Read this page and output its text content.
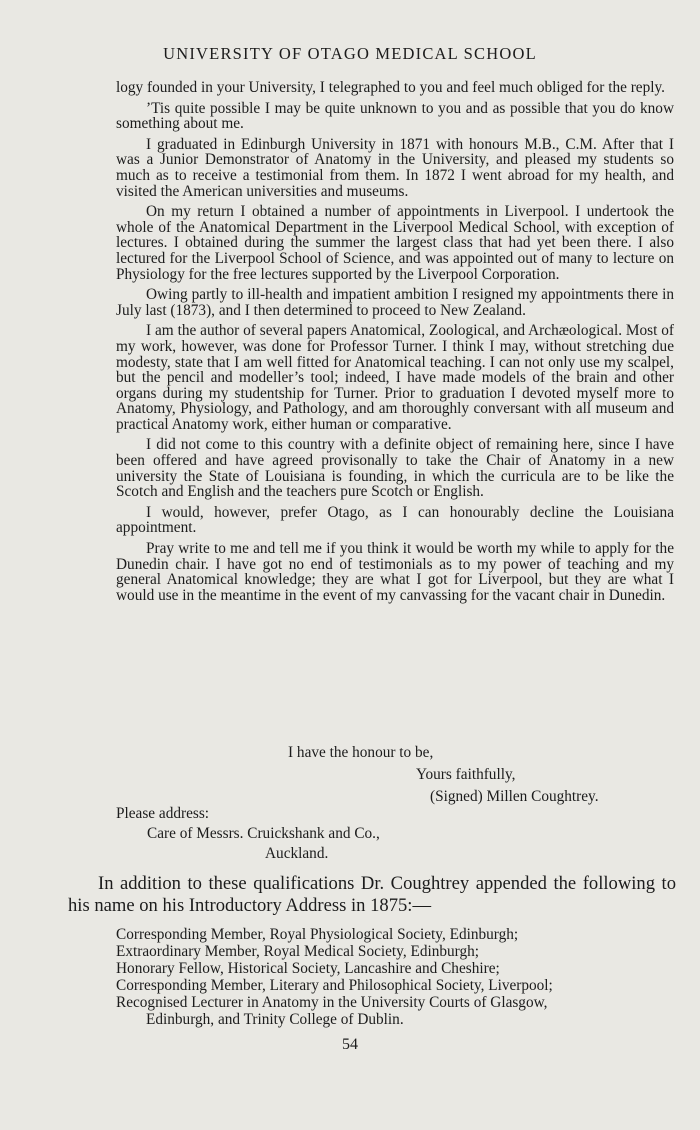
UNIVERSITY OF OTAGO MEDICAL SCHOOL

logy founded in your University, I telegraphed to you and feel much obliged for the reply.

’Tis quite possible I may be quite unknown to you and as possible that you do know something about me.

I graduated in Edinburgh University in 1871 with honours M.B., C.M. After that I was a Junior Demonstrator of Anatomy in the University, and pleased my students so much as to receive a testimonial from them. In 1872 I went abroad for my health, and visited the American universities and museums.

On my return I obtained a number of appointments in Liverpool. I undertook the whole of the Anatomical Department in the Liverpool Medical School, with exception of lectures. I obtained during the summer the largest class that had yet been there. I also lectured for the Liverpool School of Science, and was appointed out of many to lecture on Physiology for the free lectures supported by the Liverpool Corporation.

Owing partly to ill-health and impatient ambition I resigned my appointments there in July last (1873), and I then determined to proceed to New Zealand.

I am the author of several papers Anatomical, Zoological, and Archæological. Most of my work, however, was done for Professor Turner. I think I may, without stretching due modesty, state that I am well fitted for Anatomical teaching. I can not only use my scalpel, but the pencil and modeller’s tool; indeed, I have made models of the brain and other organs during my studentship for Turner. Prior to graduation I devoted myself more to Anatomy, Physiology, and Pathology, and am thoroughly conversant with all museum and practical Anatomy work, either human or comparative.

I did not come to this country with a definite object of remaining here, since I have been offered and have agreed provisonally to take the Chair of Anatomy in a new university the State of Louisiana is founding, in which the curricula are to be like the Scotch and English and the teachers pure Scotch or English.

I would, however, prefer Otago, as I can honourably decline the Louisiana appointment.

Pray write to me and tell me if you think it would be worth my while to apply for the Dunedin chair. I have got no end of testimonials as to my power of teaching and my general Anatomical knowledge; they are what I got for Liverpool, but they are what I would use in the meantime in the event of my canvassing for the vacant chair in Dunedin.

I have the honour to be,
Yours faithfully,
(Signed) Millen Coughtrey.
Please address:
Care of Messrs. Cruickshank and Co.,
Auckland.
In addition to these qualifications Dr. Coughtrey appended the following to his name on his Introductory Address in 1875:—
Corresponding Member, Royal Physiological Society, Edinburgh;
Extraordinary Member, Royal Medical Society, Edinburgh;
Honorary Fellow, Historical Society, Lancashire and Cheshire;
Corresponding Member, Literary and Philosophical Society, Liverpool;
Recognised Lecturer in Anatomy in the University Courts of Glasgow,
Edinburgh, and Trinity College of Dublin.
54
